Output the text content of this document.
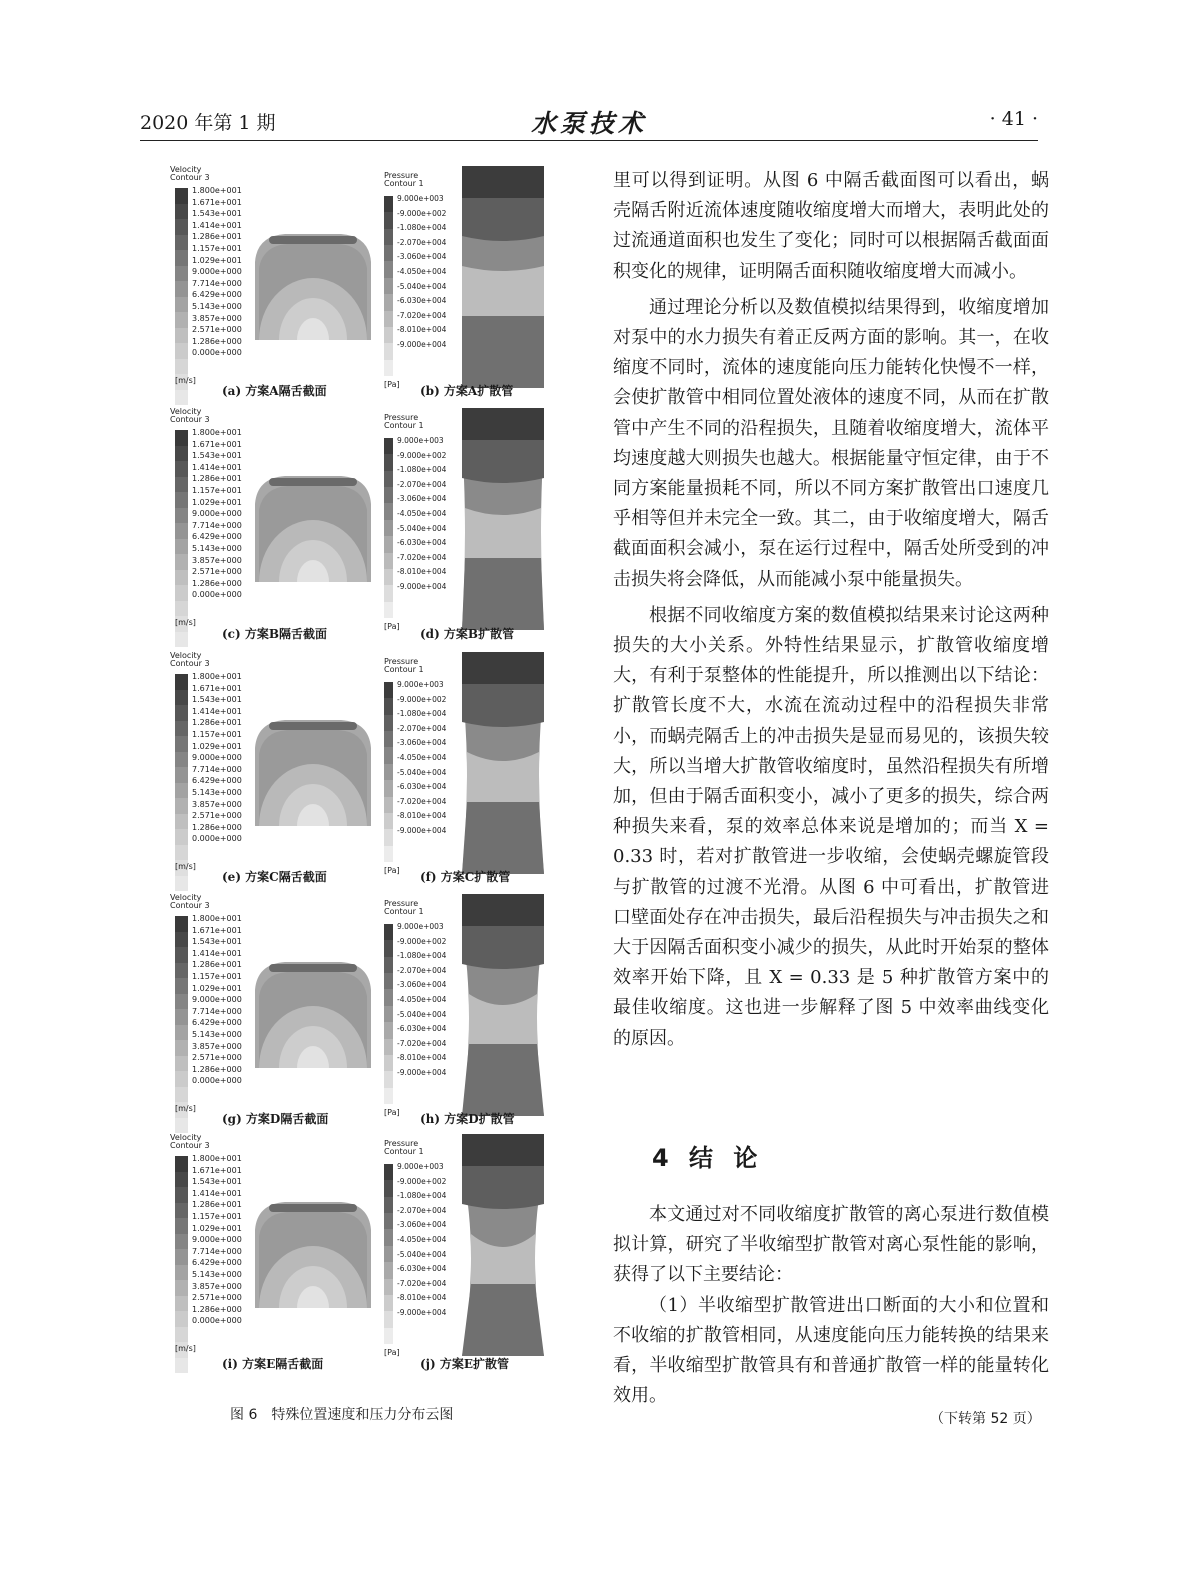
2020 年第 1 期	水泵技术	· 41 ·
Velocity
Contour 3
1.800e+001
1.671e+001
1.543e+001
1.414e+001
1.286e+001
1.157e+001
1.029e+001
9.000e+000
7.714e+000
6.429e+000
5.143e+000
3.857e+000
2.571e+000
1.286e+000
0.000e+000
[m/s]
Pressure
Contour 1
9.000e+003
-9.000e+002
-1.080e+004
-2.070e+004
-3.060e+004
-4.050e+004
-5.040e+004
-6.030e+004
-7.020e+004
-8.010e+004
-9.000e+004
[Pa]
(a) 方案A隔舌截面	(b) 方案A扩散管
Velocity
Contour 3
1.800e+001
1.671e+001
1.543e+001
1.414e+001
1.286e+001
1.157e+001
1.029e+001
9.000e+000
7.714e+000
6.429e+000
5.143e+000
3.857e+000
2.571e+000
1.286e+000
0.000e+000
[m/s]
Pressure
Contour 1
9.000e+003
-9.000e+002
-1.080e+004
-2.070e+004
-3.060e+004
-4.050e+004
-5.040e+004
-6.030e+004
-7.020e+004
-8.010e+004
-9.000e+004
[Pa]
(c) 方案B隔舌截面	(d) 方案B扩散管
Velocity
Contour 3
1.800e+001
1.671e+001
1.543e+001
1.414e+001
1.286e+001
1.157e+001
1.029e+001
9.000e+000
7.714e+000
6.429e+000
5.143e+000
3.857e+000
2.571e+000
1.286e+000
0.000e+000
[m/s]
Pressure
Contour 1
9.000e+003
-9.000e+002
-1.080e+004
-2.070e+004
-3.060e+004
-4.050e+004
-5.040e+004
-6.030e+004
-7.020e+004
-8.010e+004
-9.000e+004
[Pa]
(e) 方案C隔舌截面	(f) 方案C扩散管
Velocity
Contour 3
1.800e+001
1.671e+001
1.543e+001
1.414e+001
1.286e+001
1.157e+001
1.029e+001
9.000e+000
7.714e+000
6.429e+000
5.143e+000
3.857e+000
2.571e+000
1.286e+000
0.000e+000
[m/s]
Pressure
Contour 1
9.000e+003
-9.000e+002
-1.080e+004
-2.070e+004
-3.060e+004
-4.050e+004
-5.040e+004
-6.030e+004
-7.020e+004
-8.010e+004
-9.000e+004
[Pa]
(g) 方案D隔舌截面	(h) 方案D扩散管
Velocity
Contour 3
1.800e+001
1.671e+001
1.543e+001
1.414e+001
1.286e+001
1.157e+001
1.029e+001
9.000e+000
7.714e+000
6.429e+000
5.143e+000
3.857e+000
2.571e+000
1.286e+000
0.000e+000
[m/s]
Pressure
Contour 1
9.000e+003
-9.000e+002
-1.080e+004
-2.070e+004
-3.060e+004
-4.050e+004
-5.040e+004
-6.030e+004
-7.020e+004
-8.010e+004
-9.000e+004
[Pa]
(i) 方案E隔舌截面	(j) 方案E扩散管
图 6　特殊位置速度和压力分布云图

里可以得到证明。从图 6 中隔舌截面图可以看出，蜗壳隔舌附近流体速度随收缩度增大而增大，表明此处的过流通道面积也发生了变化；同时可以根据隔舌截面面积变化的规律，证明隔舌面积随收缩度增大而减小。

通过理论分析以及数值模拟结果得到，收缩度增加对泵中的水力损失有着正反两方面的影响。其一，在收缩度不同时，流体的速度能向压力能转化快慢不一样，会使扩散管中相同位置处液体的速度不同，从而在扩散管中产生不同的沿程损失，且随着收缩度增大，流体平均速度越大则损失也越大。根据能量守恒定律，由于不同方案能量损耗不同，所以不同方案扩散管出口速度几乎相等但并未完全一致。其二，由于收缩度增大，隔舌截面面积会减小，泵在运行过程中，隔舌处所受到的冲击损失将会降低，从而能减小泵中能量损失。

根据不同收缩度方案的数值模拟结果来讨论这两种损失的大小关系。外特性结果显示，扩散管收缩度增大，有利于泵整体的性能提升，所以推测出以下结论：扩散管长度不大，水流在流动过程中的沿程损失非常小，而蜗壳隔舌上的冲击损失是显而易见的，该损失较大，所以当增大扩散管收缩度时，虽然沿程损失有所增加，但由于隔舌面积变小，减小了更多的损失，综合两种损失来看，泵的效率总体来说是增加的；而当 X = 0.33 时，若对扩散管进一步收缩，会使蜗壳螺旋管段与扩散管的过渡不光滑。从图 6 中可看出，扩散管进口壁面处存在冲击损失，最后沿程损失与冲击损失之和大于因隔舌面积变小减少的损失，从此时开始泵的整体效率开始下降，且 X = 0.33 是 5 种扩散管方案中的最佳收缩度。这也进一步解释了图 5 中效率曲线变化的原因。

4 结 论

本文通过对不同收缩度扩散管的离心泵进行数值模拟计算，研究了半收缩型扩散管对离心泵性能的影响，获得了以下主要结论：

（1）半收缩型扩散管进出口断面的大小和位置和不收缩的扩散管相同，从速度能向压力能转换的结果来看，半收缩型扩散管具有和普通扩散管一样的能量转化效用。

（下转第 52 页）
